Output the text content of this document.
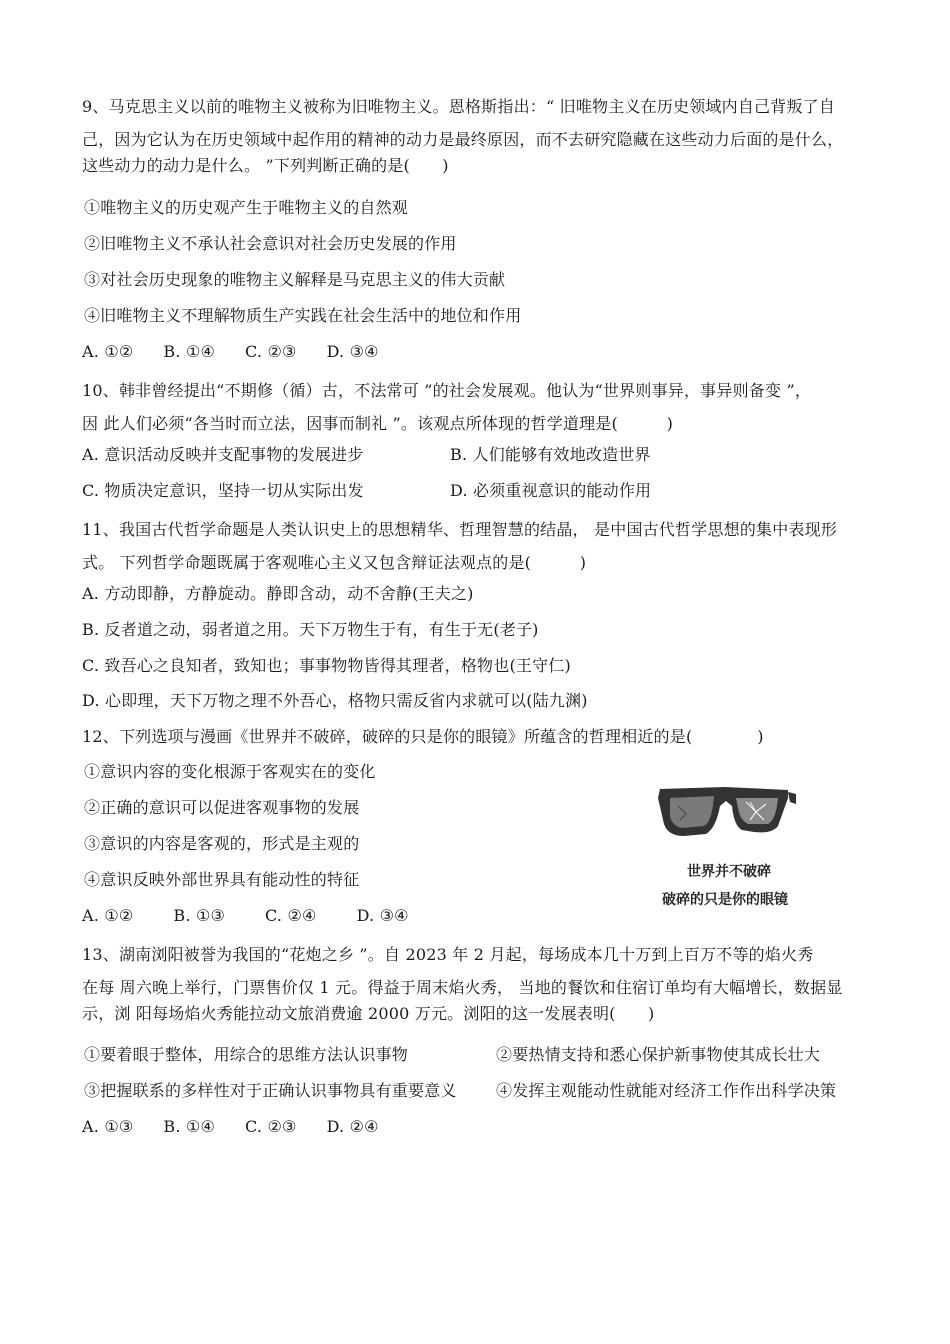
9、马克思主义以前的唯物主义被称为旧唯物主义。恩格斯指出：“ 旧唯物主义在历史领域内自己背叛了自
己，因为它认为在历史领域中起作用的精神的动力是最终原因，而不去研究隐藏在这些动力后面的是什么，
这些动力的动力是什么。 ”下列判断正确的是(　　)
①唯物主义的历史观产生于唯物主义的自然观
②旧唯物主义不承认社会意识对社会历史发展的作用
③对社会历史现象的唯物主义解释是马克思主义的伟大贡献
④旧唯物主义不理解物质生产实践在社会生活中的地位和作用
A. ①② B. ①④ C. ②③ D. ③④
10、韩非曾经提出“不期修（循）古，不法常可 ”的社会发展观。他认为“世界则事异，事异则备变 ”，
因 此人们必须“各当时而立法，因事而制礼 ”。该观点所体现的哲学道理是(　　　)
A. 意识活动反映并支配事物的发展进步	B. 人们能够有效地改造世界
C. 物质决定意识，坚持一切从实际出发	D. 必须重视意识的能动作用
11、我国古代哲学命题是人类认识史上的思想精华、哲理智慧的结晶， 是中国古代哲学思想的集中表现形
式。 下列哲学命题既属于客观唯心主义又包含辩证法观点的是(　　　)
A. 方动即静，方静旋动。静即含动，动不舍静(王夫之)
B. 反者道之动，弱者道之用。天下万物生于有，有生于无(老子)
C. 致吾心之良知者，致知也；事事物物皆得其理者，格物也(王守仁)
D. 心即理，天下万物之理不外吾心，格物只需反省内求就可以(陆九渊)
12、下列选项与漫画《世界并不破碎，破碎的只是你的眼镜》所蕴含的哲理相近的是(　　　　)
①意识内容的变化根源于客观实在的变化
②正确的意识可以促进客观事物的发展
③意识的内容是客观的，形式是主观的
④意识反映外部世界具有能动性的特征
A. ①②	B. ①③	C. ②④	D. ③④
世界并不破碎
破碎的只是你的眼镜
13、湖南浏阳被誉为我国的“花炮之乡 ”。自 2023 年 2 月起，每场成本几十万到上百万不等的焰火秀
在每 周六晚上举行，门票售价仅 1 元。得益于周末焰火秀， 当地的餐饮和住宿订单均有大幅增长，数据显
示，浏 阳每场焰火秀能拉动文旅消费逾 2000 万元。浏阳的这一发展表明(　　)
①要着眼于整体，用综合的思维方法认识事物	②要热情支持和悉心保护新事物使其成长壮大
③把握联系的多样性对于正确认识事物具有重要意义 ④发挥主观能动性就能对经济工作作出科学决策
A. ①③ B. ①④ C. ②③ D. ②④
